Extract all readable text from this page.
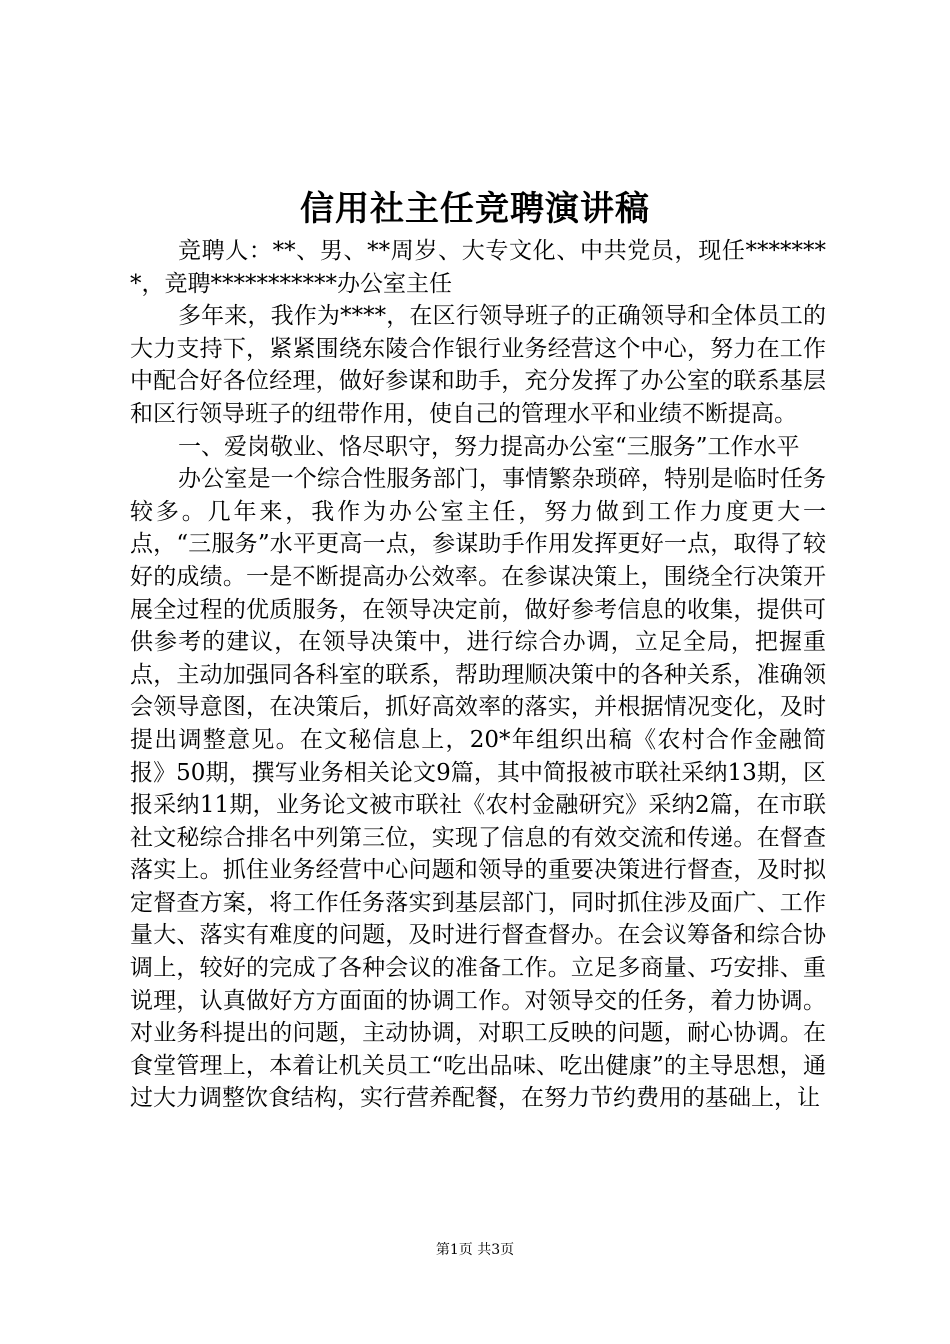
信用社主任竞聘演讲稿

竞聘人：**、男、**周岁、大专文化、中共党员，现任********，竞聘***********办公室主任

多年来，我作为****，在区行领导班子的正确领导和全体员工的大力支持下，紧紧围绕东陵合作银行业务经营这个中心，努力在工作中配合好各位经理，做好参谋和助手，充分发挥了办公室的联系基层和区行领导班子的纽带作用，使自己的管理水平和业绩不断提高。

一、爱岗敬业、恪尽职守，努力提高办公室“三服务”工作水平

办公室是一个综合性服务部门，事情繁杂琐碎，特别是临时任务较多。几年来，我作为办公室主任，努力做到工作力度更大一点，“三服务”水平更高一点，参谋助手作用发挥更好一点，取得了较好的成绩。一是不断提高办公效率。在参谋决策上，围绕全行决策开展全过程的优质服务，在领导决定前，做好参考信息的收集，提供可供参考的建议，在领导决策中，进行综合办调，立足全局，把握重点，主动加强同各科室的联系，帮助理顺决策中的各种关系，准确领会领导意图，在决策后，抓好高效率的落实，并根据情况变化，及时提出调整意见。在文秘信息上，20*年组织出稿《农村合作金融简报》50期，撰写业务相关论文9篇，其中简报被市联社采纳13期，区报采纳11期，业务论文被市联社《农村金融研究》采纳2篇，在市联社文秘综合排名中列第三位，实现了信息的有效交流和传递。在督查落实上。抓住业务经营中心问题和领导的重要决策进行督查，及时拟定督查方案，将工作任务落实到基层部门，同时抓住涉及面广、工作量大、落实有难度的问题，及时进行督查督办。在会议筹备和综合协调上，较好的完成了各种会议的准备工作。立足多商量、巧安排、重说理，认真做好方方面面的协调工作。对领导交的任务，着力协调。对业务科提出的问题，主动协调，对职工反映的问题，耐心协调。在食堂管理上，本着让机关员工“吃出品味、吃出健康”的主导思想，通过大力调整饮食结构，实行营养配餐，在努力节约费用的基础上，让

第1页 共3页
